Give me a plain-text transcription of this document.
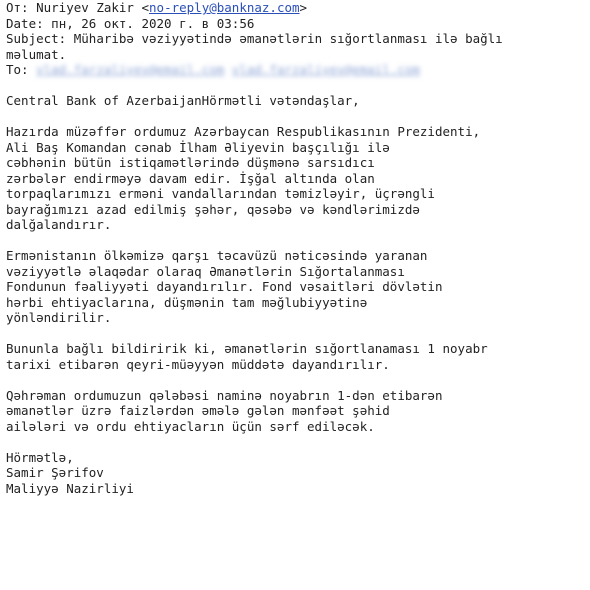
От: Nuriyev Zakir <no-reply@banknaz.com>
Date: пн, 26 окт. 2020 г. в 03:56
Subject: Müharibə vəziyyətində əmanətlərin sığortlanması ilə bağlı məlumat.
To: vlad.farzaliyev@email.com vlad.farzaliyev@email.com

Central Bank of AzerbaijanHörmətli vətəndaşlar,

Hazırda müzəffər ordumuz Azərbaycan Respublikasının Prezidenti,
Ali Baş Komandan cənab İlham Əliyevin başçılığı ilə
cəbhənin bütün istiqamətlərində düşmənə sarsıdıcı
zərbələr endirməyə davam edir. İşğal altında olan
torpaqlarımızı erməni vandallarından təmizləyir, üçrəngli
bayrağımızı azad edilmiş şəhər, qəsəbə və kəndlərimizdə
dalğalandırır.

Ermənistanın ölkəmizə qarşı təcavüzü nəticəsində yaranan
vəziyyətlə əlaqədar olaraq Əmanətlərin Sığortalanması
Fondunun fəaliyyəti dayandırılır. Fond vəsaitləri dövlətin
hərbi ehtiyaclarına, düşmənin tam məğlubiyyətinə
yönləndirilir.

Bununla bağlı bildiririk ki, əmanətlərin sığortlanaması 1 noyabr
tarixi etibarən qeyri-müəyyən müddətə dayandırılır.

Qəhrəman ordumuzun qələbəsi naminə noyabrın 1-dən etibarən
əmanətlər üzrə faizlərdən əmələ gələn mənfəət şəhid
ailələri və ordu ehtiyacların üçün sərf ediləcək.

Hörmətlə,

Samir Şərifov

Maliyyə Nazirliyi
